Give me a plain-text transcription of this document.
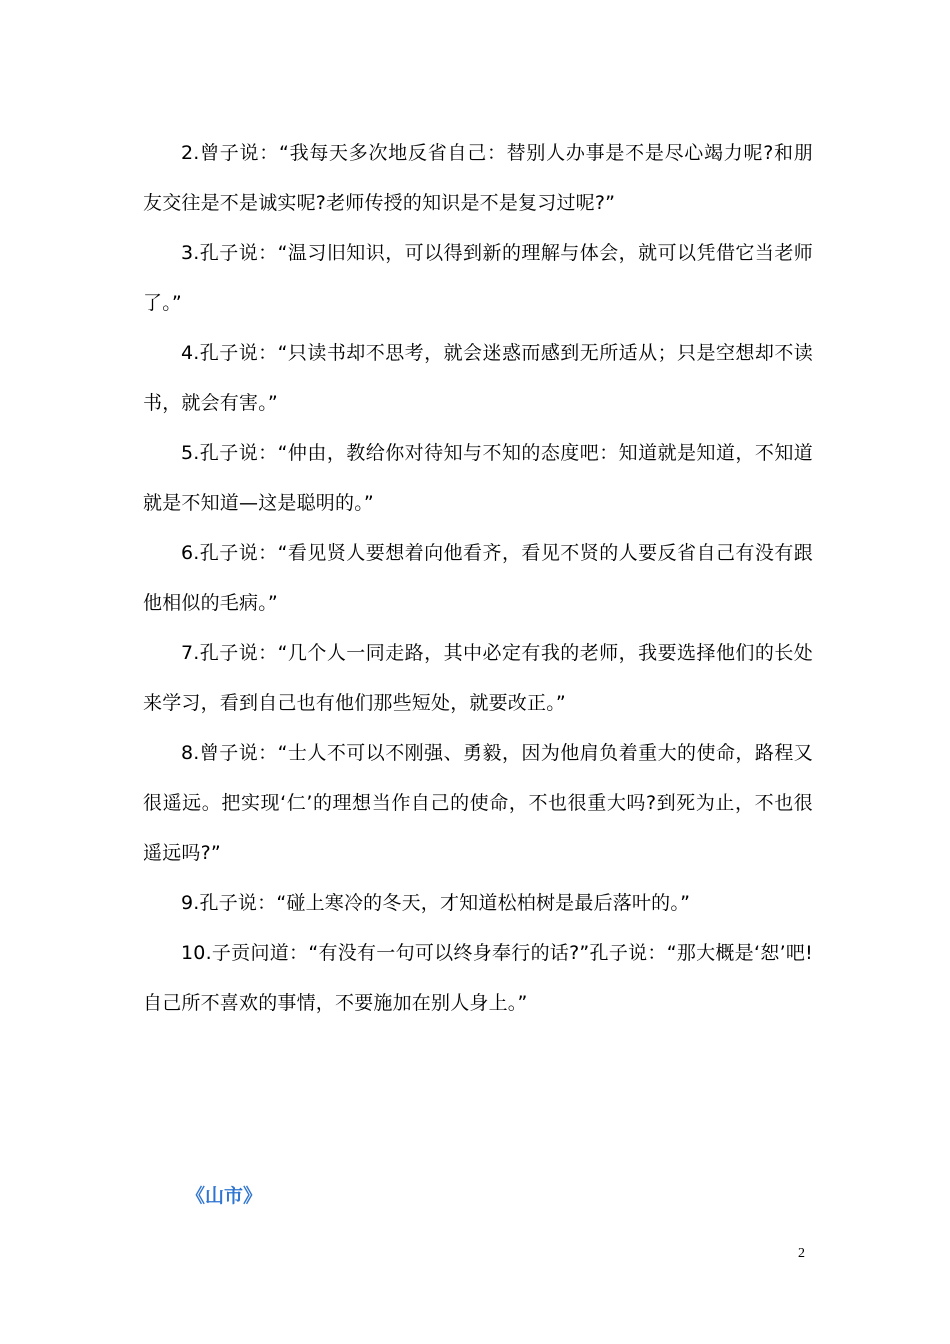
2.曾子说：“我每天多次地反省自己：替别人办事是不是尽心竭力呢?和朋友交往是不是诚实呢?老师传授的知识是不是复习过呢?”

3.孔子说：“温习旧知识，可以得到新的理解与体会，就可以凭借它当老师了。”

4.孔子说：“只读书却不思考，就会迷惑而感到无所适从；只是空想却不读书，就会有害。”

5.孔子说：“仲由，教给你对待知与不知的态度吧：知道就是知道，不知道就是不知道—这是聪明的。”

6.孔子说：“看见贤人要想着向他看齐，看见不贤的人要反省自己有没有跟他相似的毛病。”

7.孔子说：“几个人一同走路，其中必定有我的老师，我要选择他们的长处来学习，看到自己也有他们那些短处，就要改正。”

8.曾子说：“士人不可以不刚强、勇毅，因为他肩负着重大的使命，路程又很遥远。把实现‘仁’的理想当作自己的使命，不也很重大吗?到死为止，不也很遥远吗?”

9.孔子说：“碰上寒冷的冬天，才知道松柏树是最后落叶的。”

10.子贡问道：“有没有一句可以终身奉行的话?”孔子说：“那大概是‘恕’吧!自己所不喜欢的事情，不要施加在别人身上。”

《山市》
2
